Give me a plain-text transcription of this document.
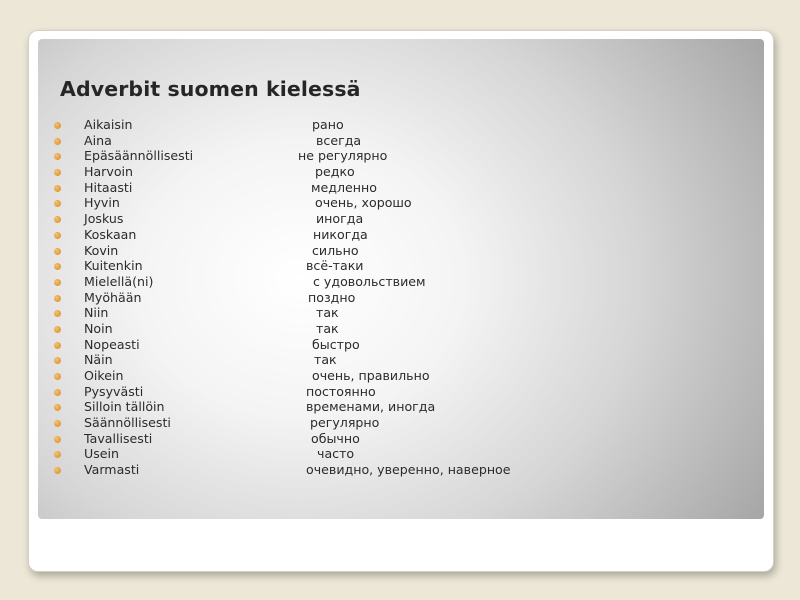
Adverbit suomen kielessä
Aikaisin	рано
Aina	всегда
Epäsäännöllisesti	не регулярно
Harvoin	редко
Hitaasti	медленно
Hyvin	очень, хорошо
Joskus	иногда
Koskaan	никогда
Kovin	сильно
Kuitenkin	всё-таки
Mielellä(ni)	с удовольствием
Myöhään	поздно
Niin	так
Noin	так
Nopeasti	быстро
Näin	так
Oikein	очень, правильно
Pysyvästi	постоянно
Silloin tällöin	временами, иногда
Säännöllisesti	регулярно
Tavallisesti	обычно
Usein	часто
Varmasti	очевидно, уверенно, наверное
